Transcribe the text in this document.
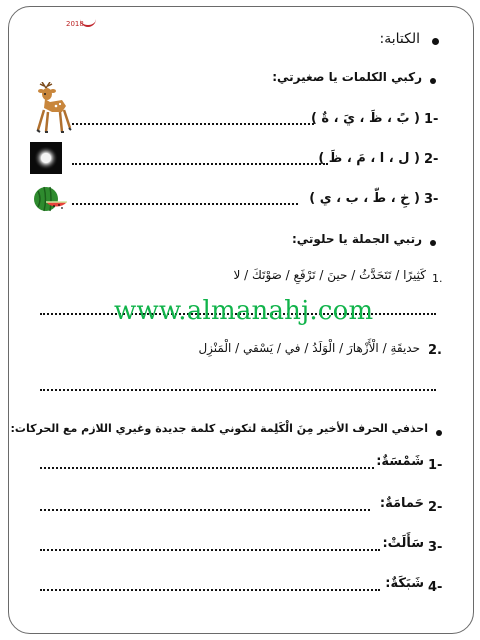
2018
الكتابة:
ركبي الكلمات يا صغيرتي:
1-
( بً ، ظَ ، يَ ، ةٌ )
2-
( ل ، ا ، مَ ، ظَ )
3-
( خِ ، طّ ، ب ، ي )
رتبي الجملة يا حلوتي:
1.
كَثِيرًا / تَتَحَدَّثُ / حينَ / تَرْفَعِ / صَوْتَكَ / لا
www.almanahj.com
2.
حديقَةِ / الْأَزْهارَ / الْوَلَدُ / في / يَسْقي / الْمَنْزِل
احذفي الحرف الأخير مِنَ الْكَلِمة لتكوني كلمة جديدة وغيري اللازم مع الحركات:
1-
شَمْسَةٌ:
2-
حَمامَةٌ:
3-
سَأَلَتْ:
4-
شَبَكَةٌ:
